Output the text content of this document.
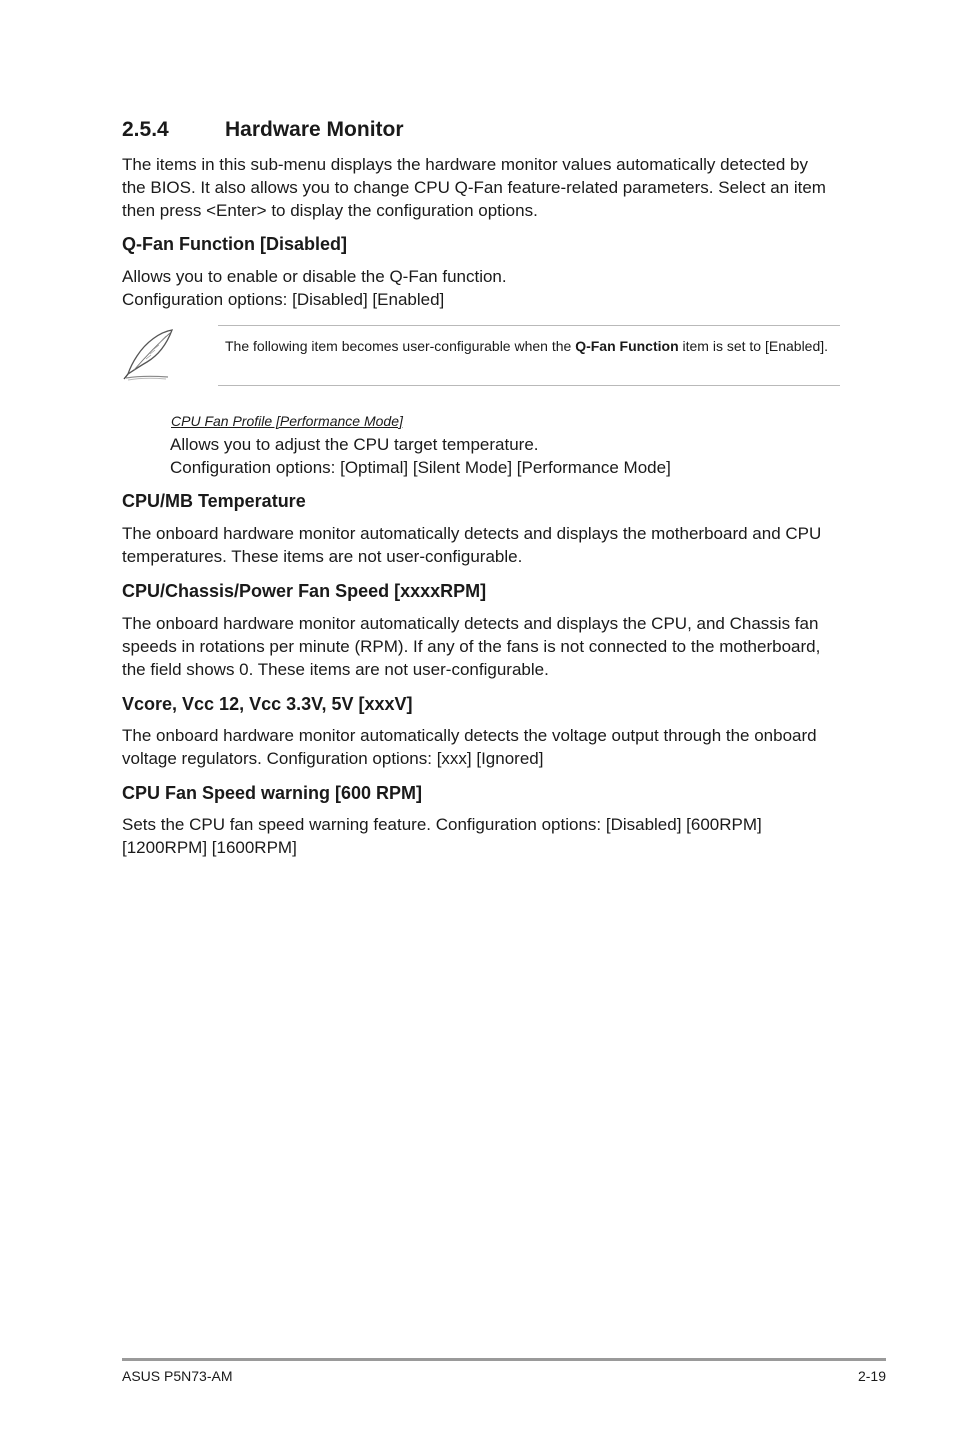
2.5.4	Hardware Monitor

The items in this sub-menu displays the hardware monitor values automatically detected by the BIOS. It also allows you to change CPU Q-Fan feature-related parameters. Select an item then press <Enter> to display the configuration options.

Q-Fan Function [Disabled]

Allows you to enable or disable the Q-Fan function.

Configuration options: [Disabled] [Enabled]

The following item becomes user-configurable when the Q-Fan Function item is set to [Enabled].
CPU Fan Profile [Performance Mode]

Allows you to adjust the CPU target temperature.

Configuration options: [Optimal] [Silent Mode] [Performance Mode]

CPU/MB Temperature

The onboard hardware monitor automatically detects and displays the motherboard and CPU temperatures. These items are not user-configurable.

CPU/Chassis/Power Fan Speed [xxxxRPM]

The onboard hardware monitor automatically detects and displays the CPU, and Chassis fan speeds in rotations per minute (RPM). If any of the fans is not connected to the motherboard, the field shows 0. These items are not user-configurable.

Vcore, Vcc 12, Vcc 3.3V, 5V [xxxV]

The onboard hardware monitor automatically detects the voltage output through the onboard voltage regulators. Configuration options: [xxx] [Ignored]

CPU Fan Speed warning [600 RPM]

Sets the CPU fan speed warning feature. Configuration options: [Disabled] [600RPM] [1200RPM] [1600RPM]

ASUS P5N73-AM	2-19
